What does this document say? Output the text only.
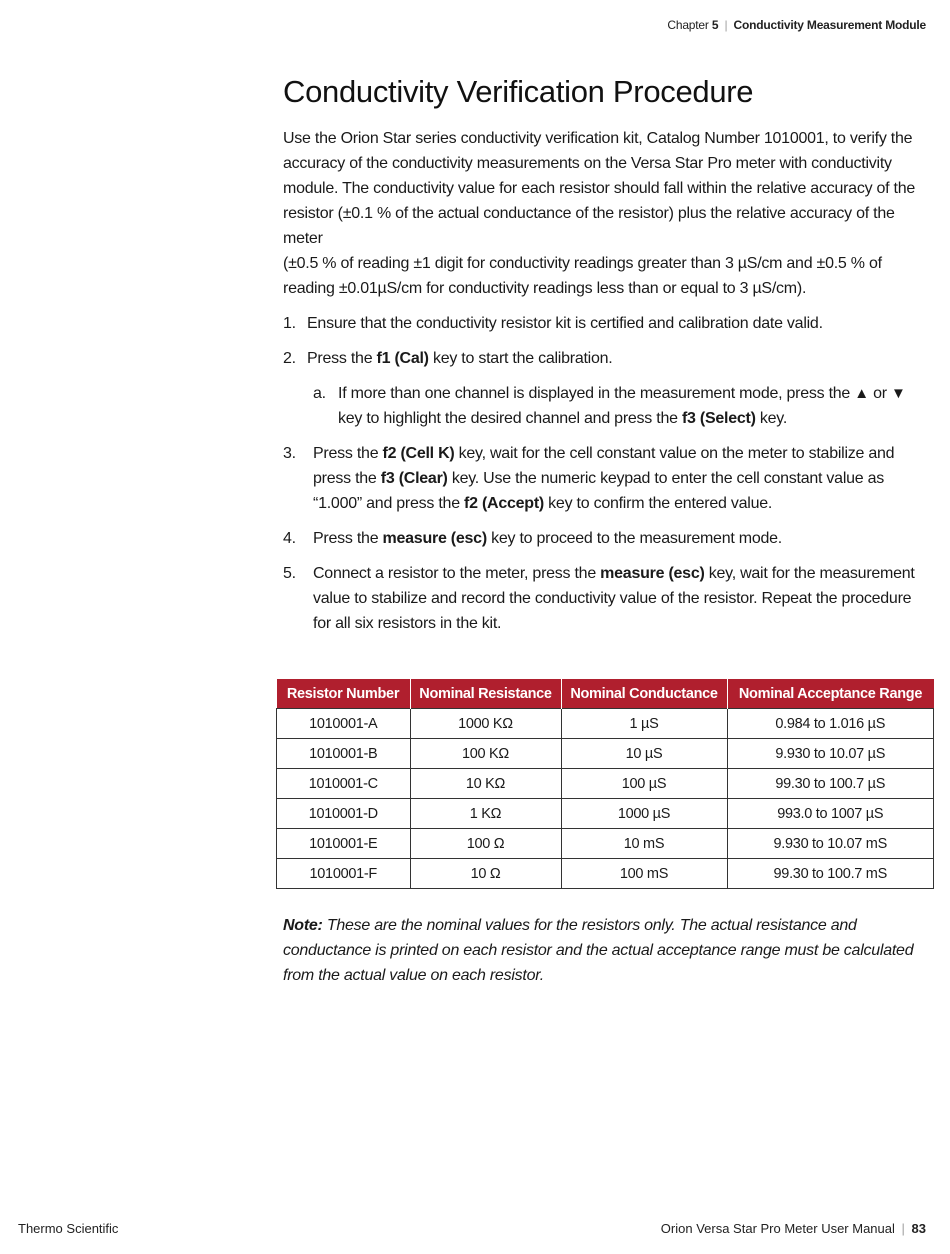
Chapter 5 | Conductivity Measurement Module
Conductivity Verification Procedure

Use the Orion Star series conductivity verification kit, Catalog Number 1010001, to verify the accuracy of the conductivity measurements on the Versa Star Pro meter with conductivity module. The conductivity value for each resistor should fall within the relative accuracy of the resistor (±0.1 % of the actual conductance of the resistor) plus the relative accuracy of the meter

(±0.5 % of reading ±1 digit for conductivity readings greater than 3 µS/cm and ±0.5 % of reading ±0.01µS/cm for conductivity readings less than or equal to 3 µS/cm).

1. Ensure that the conductivity resistor kit is certified and calibration date valid.
2. Press the f1 (Cal) key to start the calibration.
a. If more than one channel is displayed in the measurement mode, press the ▲ or ▼ key to highlight the desired channel and press the f3 (Select) key.
3.	Press the f2 (Cell K) key, wait for the cell constant value on the meter to stabilize and press the f3 (Clear) key. Use the numeric keypad to enter the cell constant value as “1.000” and press the f2 (Accept) key to confirm the entered value.
4.	Press the measure (esc) key to proceed to the measurement mode.
5.	Connect a resistor to the meter, press the measure (esc) key, wait for the measurement value to stabilize and record the conductivity value of the resistor. Repeat the procedure for all six resistors in the kit.
Resistor Number	Nominal Resistance	Nominal Conductance	Nominal Acceptance Range
1010001-A	1000 KΩ	1 µS	0.984 to 1.016 µS
1010001-B	100 KΩ	10 µS	9.930 to 10.07 µS
1010001-C	10 KΩ	100 µS	99.30 to 100.7 µS
1010001-D	1 KΩ	1000 µS	993.0 to 1007 µS
1010001-E	100 Ω	10 mS	9.930 to 10.07 mS
1010001-F	10 Ω	100 mS	99.30 to 100.7 mS
Note: These are the nominal values for the resistors only. The actual resistance and conductance is printed on each resistor and the actual acceptance range must be calculated from the actual value on each resistor.
Thermo Scientific	Orion Versa Star Pro Meter User Manual | 83
